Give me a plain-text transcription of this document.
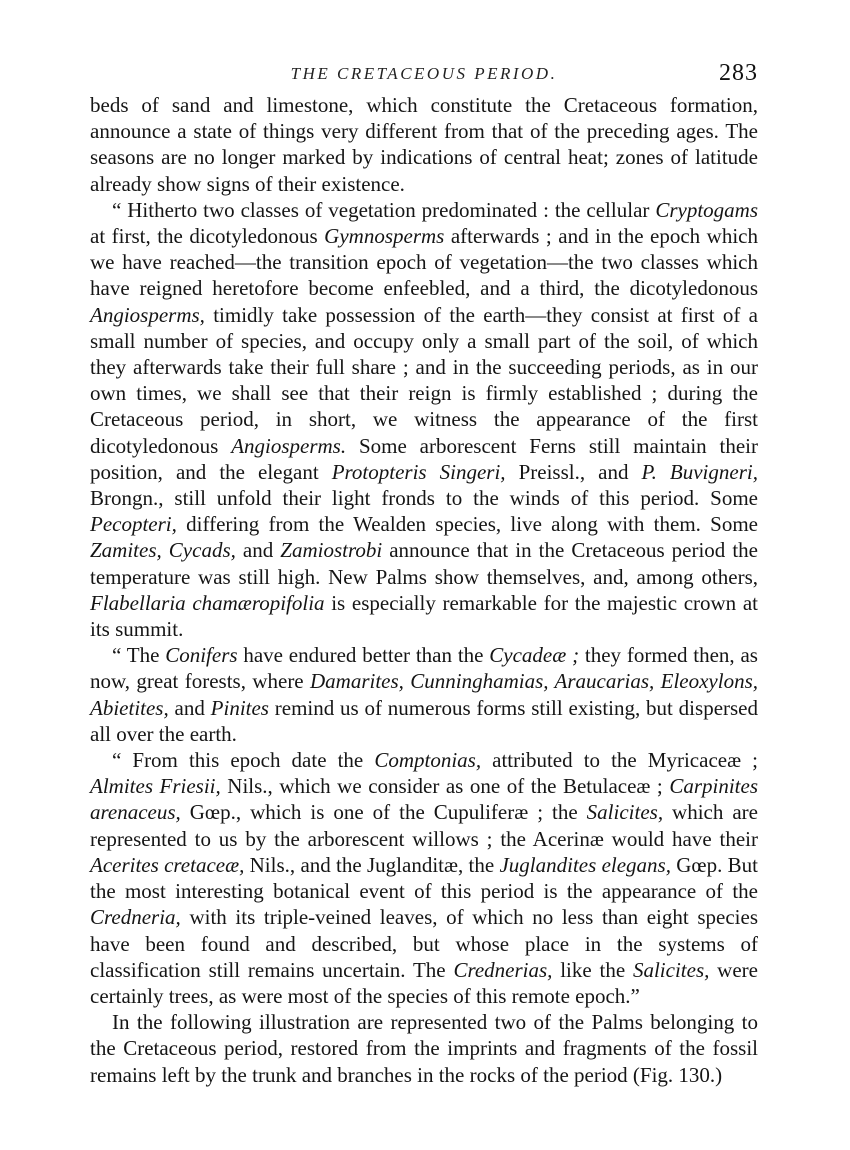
THE CRETACEOUS PERIOD.	283

beds of sand and limestone, which constitute the Cretaceous formation, announce a state of things very different from that of the preceding ages. The seasons are no longer marked by indications of central heat; zones of latitude already show signs of their existence.

“ Hitherto two classes of vegetation predominated : the cellular Cryptogams at first, the dicotyledonous Gymnosperms afterwards ; and in the epoch which we have reached—the transition epoch of vegetation—the two classes which have reigned heretofore become enfeebled, and a third, the dicotyledonous Angiosperms, timidly take possession of the earth—they consist at first of a small number of species, and occupy only a small part of the soil, of which they afterwards take their full share ; and in the succeeding periods, as in our own times, we shall see that their reign is firmly established ; during the Cretaceous period, in short, we witness the appearance of the first dicotyledonous Angiosperms. Some arborescent Ferns still maintain their position, and the elegant Protopteris Singeri, Preissl., and P. Buvigneri, Brongn., still unfold their light fronds to the winds of this period. Some Pecopteri, differing from the Wealden species, live along with them. Some Zamites, Cycads, and Zamiostrobi announce that in the Cretaceous period the temperature was still high. New Palms show themselves, and, among others, Flabellaria chamæropifolia is especially remarkable for the majestic crown at its summit.

“ The Conifers have endured better than the Cycadeæ ; they formed then, as now, great forests, where Damarites, Cunninghamias, Araucarias, Eleoxylons, Abietites, and Pinites remind us of numerous forms still existing, but dispersed all over the earth.

“ From this epoch date the Comptonias, attributed to the Myricaceæ ; Almites Friesii, Nils., which we consider as one of the Betulaceæ ; Carpinites arenaceus, Gœp., which is one of the Cupuliferæ ; the Salicites, which are represented to us by the arborescent willows ; the Acerinæ would have their Acerites cretaceæ, Nils., and the Juglanditæ, the Juglandites elegans, Gœp. But the most interesting botanical event of this period is the appearance of the Credneria, with its triple-veined leaves, of which no less than eight species have been found and described, but whose place in the systems of classification still remains uncertain. The Crednerias, like the Salicites, were certainly trees, as were most of the species of this remote epoch.”

In the following illustration are represented two of the Palms belonging to the Cretaceous period, restored from the imprints and fragments of the fossil remains left by the trunk and branches in the rocks of the period (Fig. 130.)
